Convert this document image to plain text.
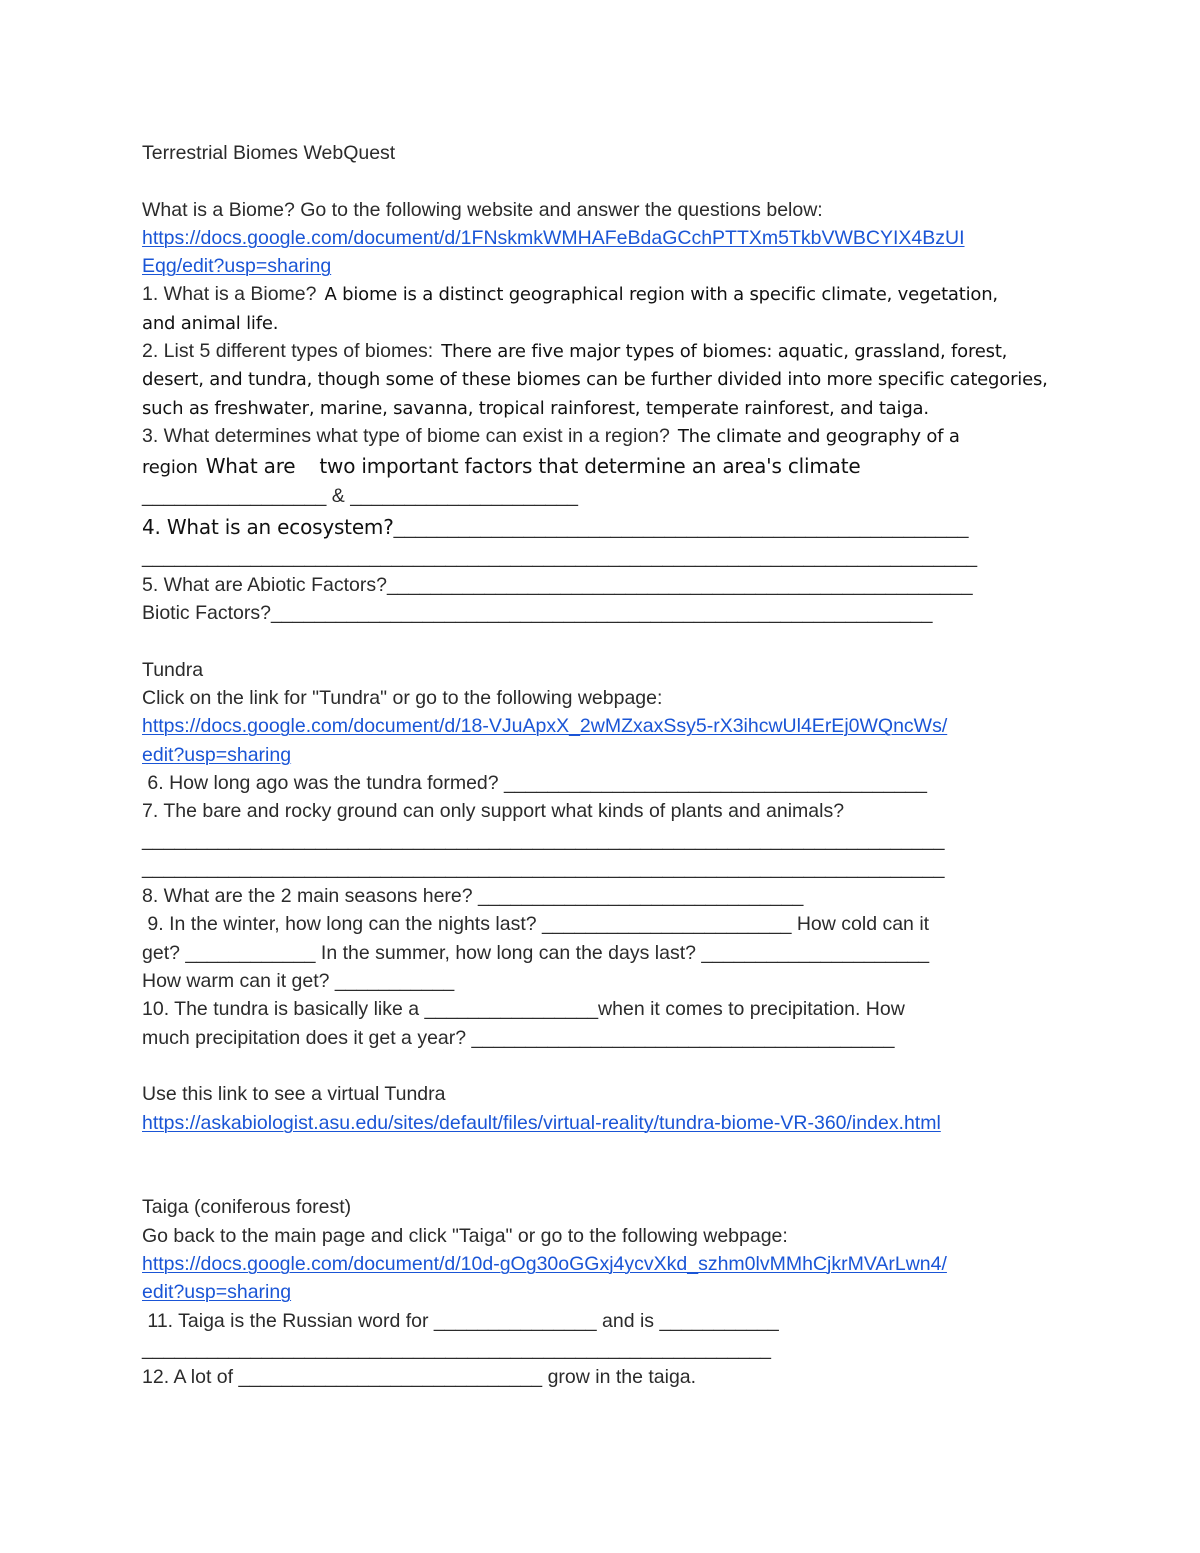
Terrestrial Biomes WebQuest
What is a Biome? Go to the following website and answer the questions below:
https://docs.google.com/document/d/1FNskmkWMHAFeBdaGCchPTTXm5TkbVWBCYIX4BzUI
Eqg/edit?usp=sharing
1. What is a Biome? A biome is a distinct geographical region with a specific climate, vegetation,
and animal life.
2. List 5 different types of biomes: There are five major types of biomes: aquatic, grassland, forest,
desert, and tundra, though some of these biomes can be further divided into more specific categories,
such as freshwater, marine, savanna, tropical rainforest, temperate rainforest, and taiga.
3. What determines what type of biome can exist in a region? The climate and geography of a
region What are two important factors that determine an area's climate
_________________ & _____________________
4. What is an ecosystem?_____________________________________________________
_____________________________________________________________________________
5. What are Abiotic Factors?______________________________________________________
Biotic Factors?_____________________________________________________________
Tundra
Click on the link for "Tundra" or go to the following webpage:
https://docs.google.com/document/d/18-VJuApxX_2wMZxaxSsy5-rX3ihcwUl4ErEj0WQncWs/
edit?usp=sharing
6. How long ago was the tundra formed? _______________________________________
7. The bare and rocky ground can only support what kinds of plants and animals?
__________________________________________________________________________
__________________________________________________________________________
8. What are the 2 main seasons here? ______________________________
9. In the winter, how long can the nights last? _______________________ How cold can it
get? ____________ In the summer, how long can the days last? _____________________
How warm can it get? ___________
10. The tundra is basically like a ________________when it comes to precipitation. How
much precipitation does it get a year? _______________________________________
Use this link to see a virtual Tundra
https://askabiologist.asu.edu/sites/default/files/virtual-reality/tundra-biome-VR-360/index.html
Taiga (coniferous forest)
Go back to the main page and click "Taiga" or go to the following webpage:
https://docs.google.com/document/d/10d-gOg30oGGxj4ycvXkd_szhm0lvMMhCjkrMVArLwn4/
edit?usp=sharing
11. Taiga is the Russian word for _______________ and is ___________
__________________________________________________________
12. A lot of ____________________________ grow in the taiga.
